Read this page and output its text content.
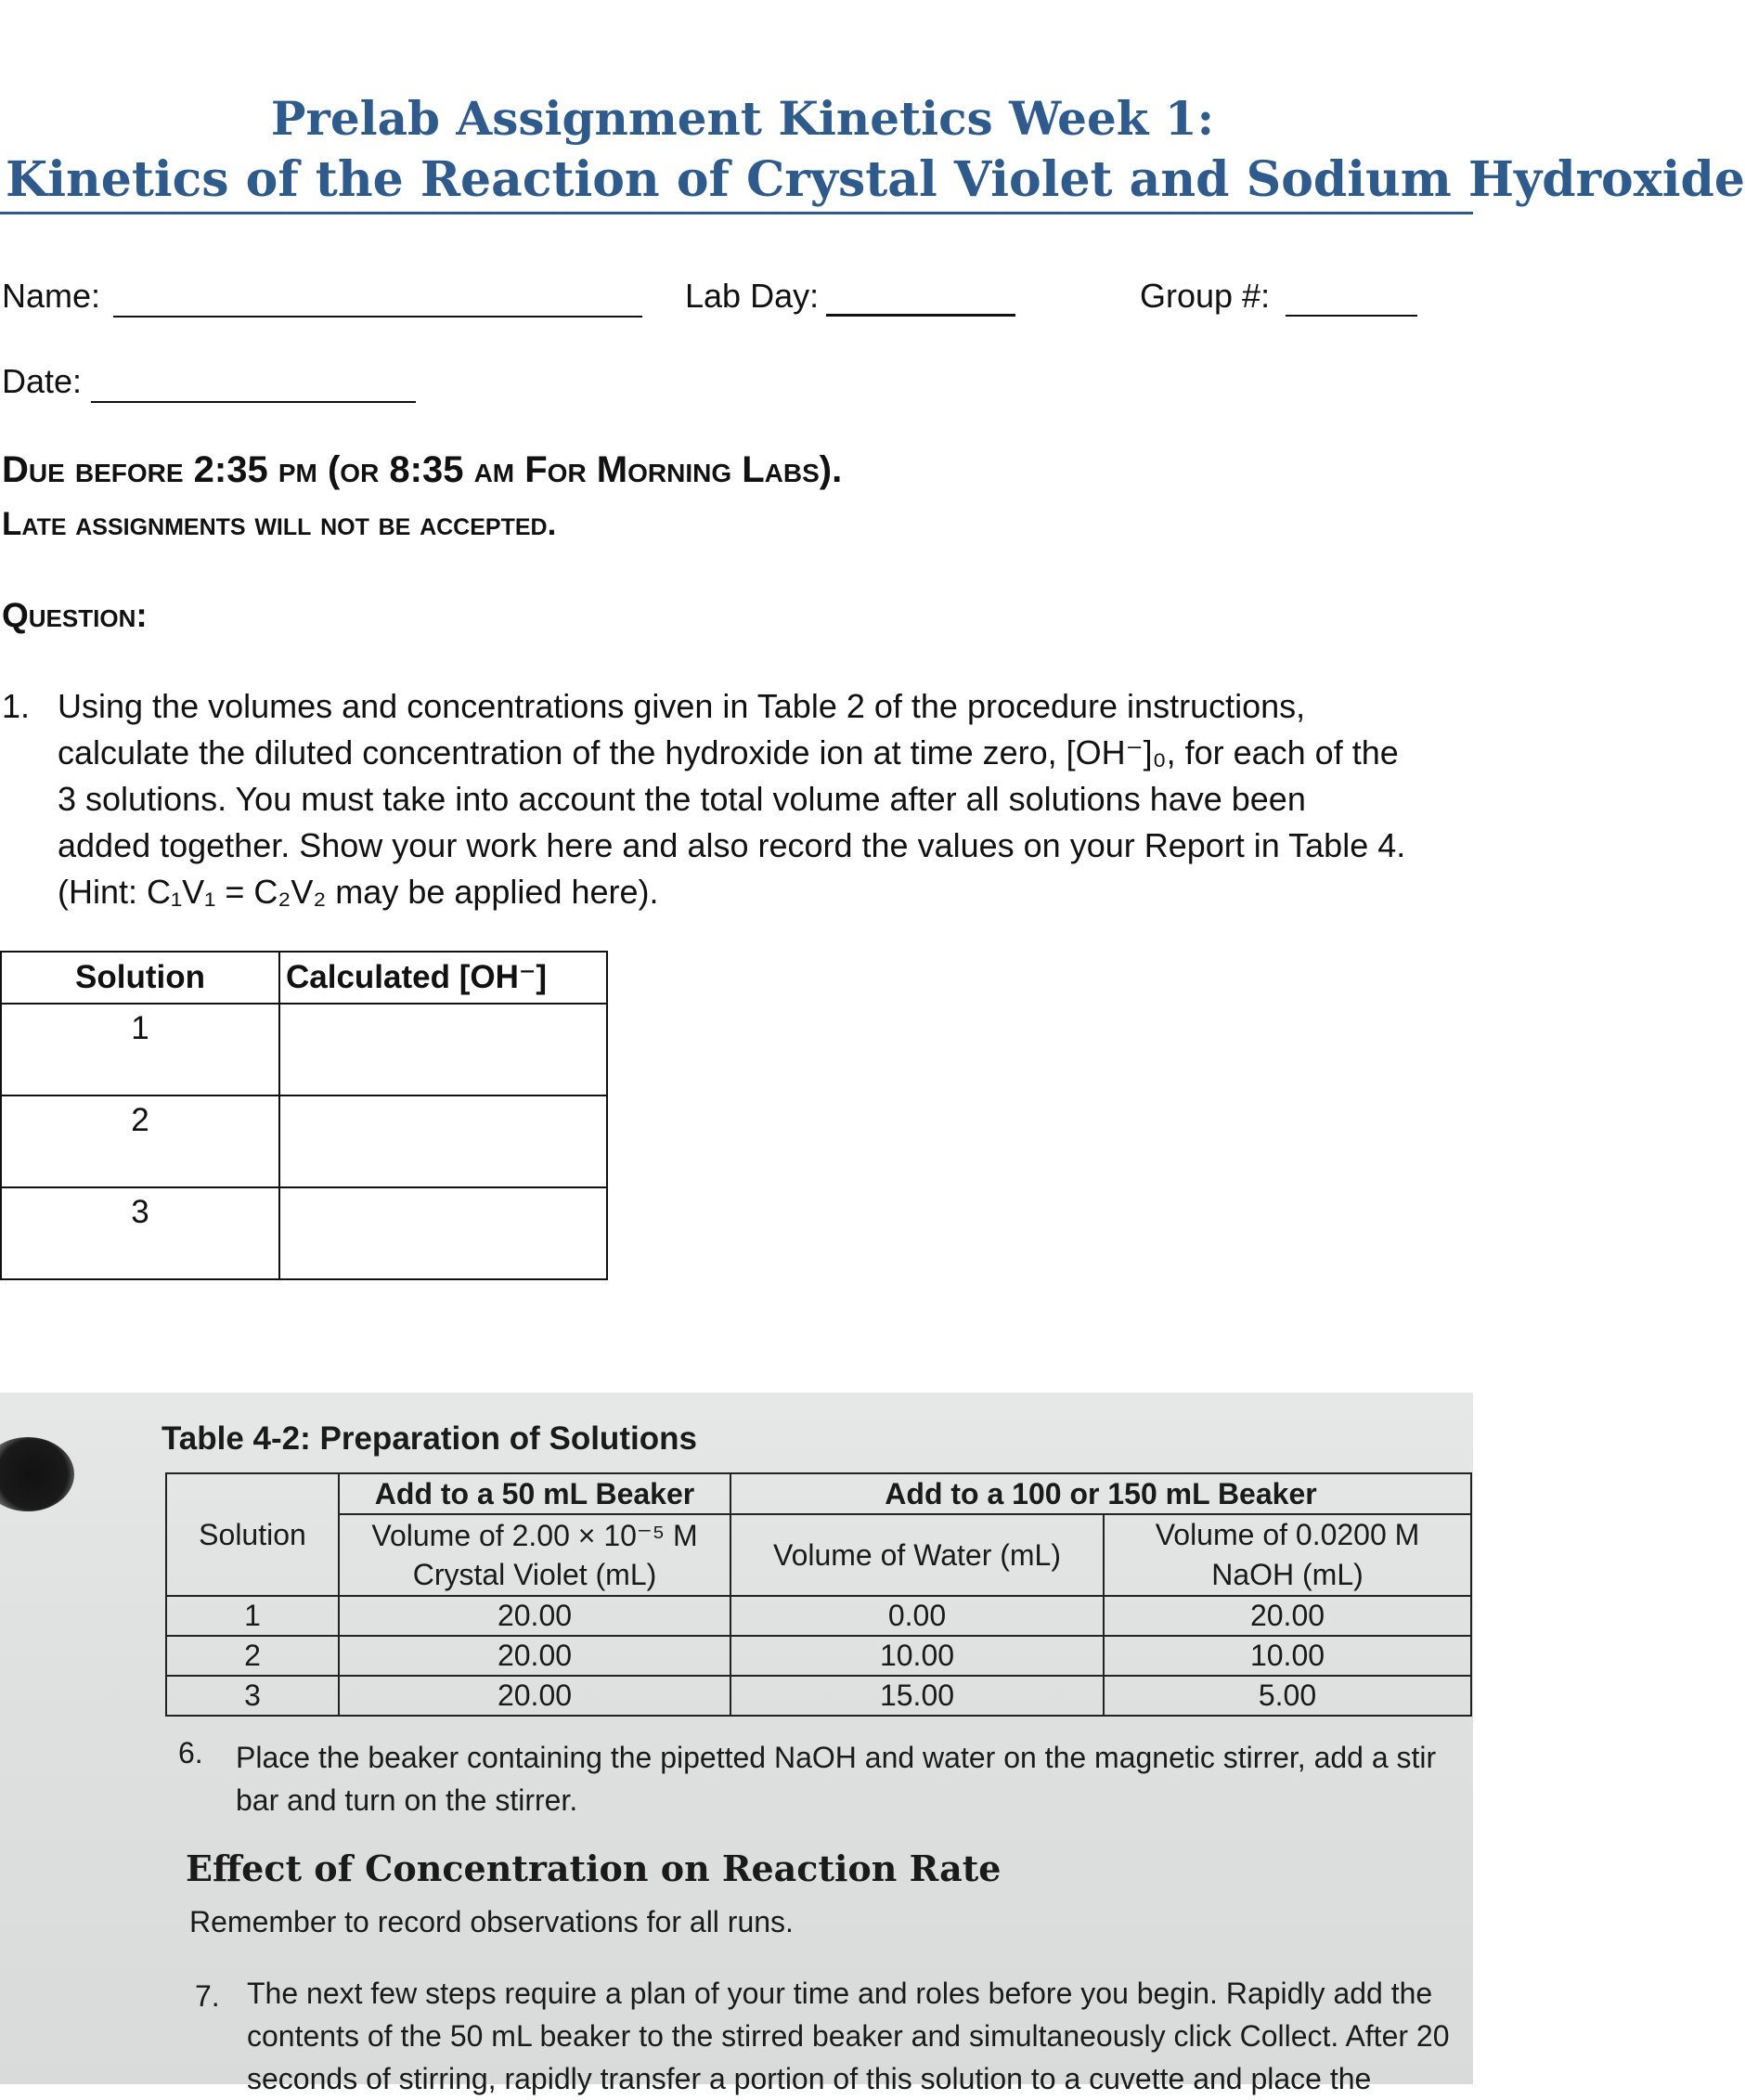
Prelab Assignment Kinetics Week 1:
Kinetics of the Reaction of Crystal Violet and Sodium Hydroxide
Name:	Lab Day:	Group #:
Date:
Due before 2:35 pm (or 8:35 am For Morning Labs).
Late assignments will not be accepted.
Question:
1. Using the volumes and concentrations given in Table 2 of the procedure instructions,
calculate the diluted concentration of the hydroxide ion at time zero, [OH⁻]₀, for each of the
3 solutions. You must take into account the total volume after all solutions have been
added together. Show your work here and also record the values on your Report in Table 4.
(Hint: C₁V₁ = C₂V₂ may be applied here).
Solution	Calculated [OH⁻]
1	
2	
3	
Table 4-2: Preparation of Solutions
Solution	Add to a 50 mL Beaker	Add to a 100 or 150 mL Beaker	
	Volume of 2.00 × 10⁻⁵ M	Volume of Water (mL)	Volume of 0.0200 M
	Crystal Violet (mL)		NaOH (mL)
1	20.00	0.00	20.00
2	20.00	10.00	10.00
3	20.00	15.00	5.00
6. Place the beaker containing the pipetted NaOH and water on the magnetic stirrer, add a stir
bar and turn on the stirrer.
Effect of Concentration on Reaction Rate
Remember to record observations for all runs.
7. The next few steps require a plan of your time and roles before you begin. Rapidly add the
contents of the 50 mL beaker to the stirred beaker and simultaneously click Collect. After 20
seconds of stirring, rapidly transfer a portion of this solution to a cuvette and place the
